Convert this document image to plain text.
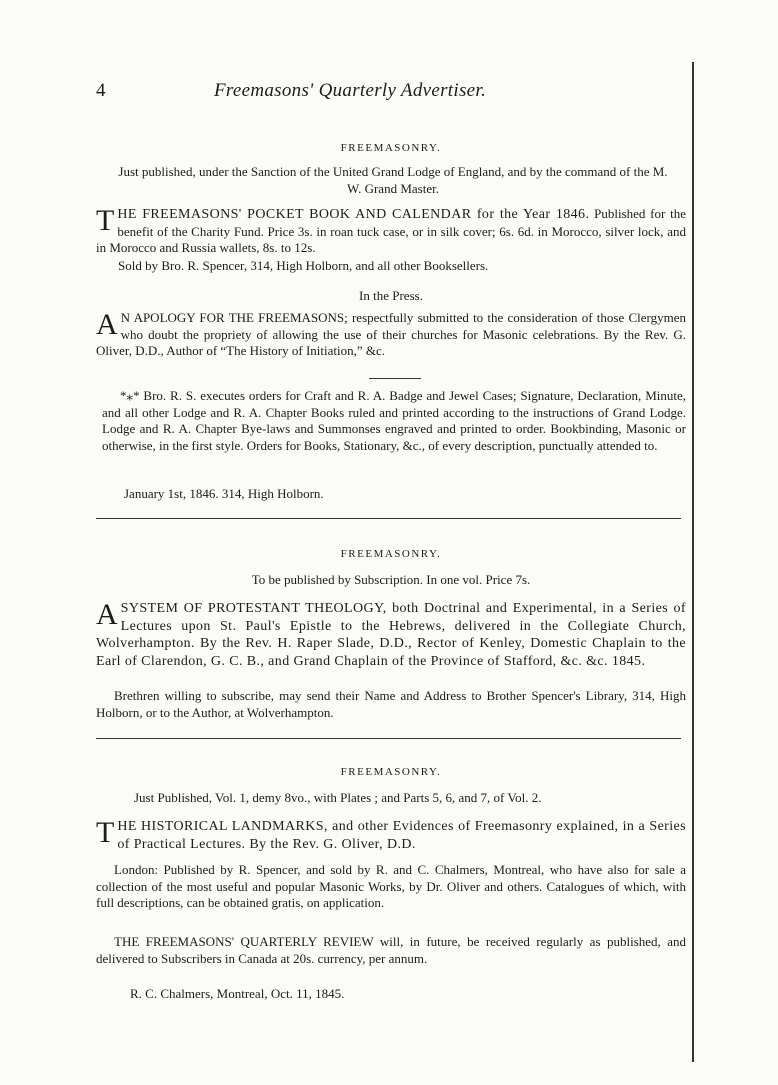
4	Freemasons' Quarterly Advertiser.
FREEMASONRY.
Just published, under the Sanction of the United Grand Lodge of England, and by the command of the M. W. Grand Master.
T HE FREEMASONS' POCKET BOOK AND CALENDAR for the Year 1846. Published for the benefit of the Charity Fund. Price 3s. in roan tuck case, or in silk cover; 6s. 6d. in Morocco, silver lock, and in Morocco and Russia wallets, 8s. to 12s.
Sold by Bro. R. Spencer, 314, High Holborn, and all other Booksellers.
In the Press.
A N APOLOGY FOR THE FREEMASONS; respectfully submitted to the consideration of those Clergymen who doubt the propriety of allowing the use of their churches for Masonic celebrations. By the Rev. G. Oliver, D.D., Author of “The History of Initiation,” &c.
*⁎* Bro. R. S. executes orders for Craft and R. A. Badge and Jewel Cases; Signature, Declaration, Minute, and all other Lodge and R. A. Chapter Books ruled and printed according to the instructions of Grand Lodge. Lodge and R. A. Chapter Bye-laws and Summonses engraved and printed to order. Bookbinding, Masonic or otherwise, in the first style. Orders for Books, Stationary, &c., of every description, punctually attended to.
January 1st, 1846. 314, High Holborn.
FREEMASONRY.
To be published by Subscription. In one vol. Price 7s.
A SYSTEM OF PROTESTANT THEOLOGY, both Doctrinal and Experimental, in a Series of Lectures upon St. Paul's Epistle to the Hebrews, delivered in the Collegiate Church, Wolverhampton. By the Rev. H. Raper Slade, D.D., Rector of Kenley, Domestic Chaplain to the Earl of Clarendon, G. C. B., and Grand Chaplain of the Province of Stafford, &c. &c. 1845.
Brethren willing to subscribe, may send their Name and Address to Brother Spencer's Library, 314, High Holborn, or to the Author, at Wolverhampton.
FREEMASONRY.
Just Published, Vol. 1, demy 8vo., with Plates ; and Parts 5, 6, and 7, of Vol. 2.
T HE HISTORICAL LANDMARKS, and other Evidences of Freemasonry explained, in a Series of Practical Lectures. By the Rev. G. Oliver, D.D.
London: Published by R. Spencer, and sold by R. and C. Chalmers, Montreal, who have also for sale a collection of the most useful and popular Masonic Works, by Dr. Oliver and others. Catalogues of which, with full descriptions, can be obtained gratis, on application.
THE FREEMASONS' QUARTERLY REVIEW will, in future, be received regularly as published, and delivered to Subscribers in Canada at 20s. currency, per annum.
R. C. Chalmers, Montreal, Oct. 11, 1845.
